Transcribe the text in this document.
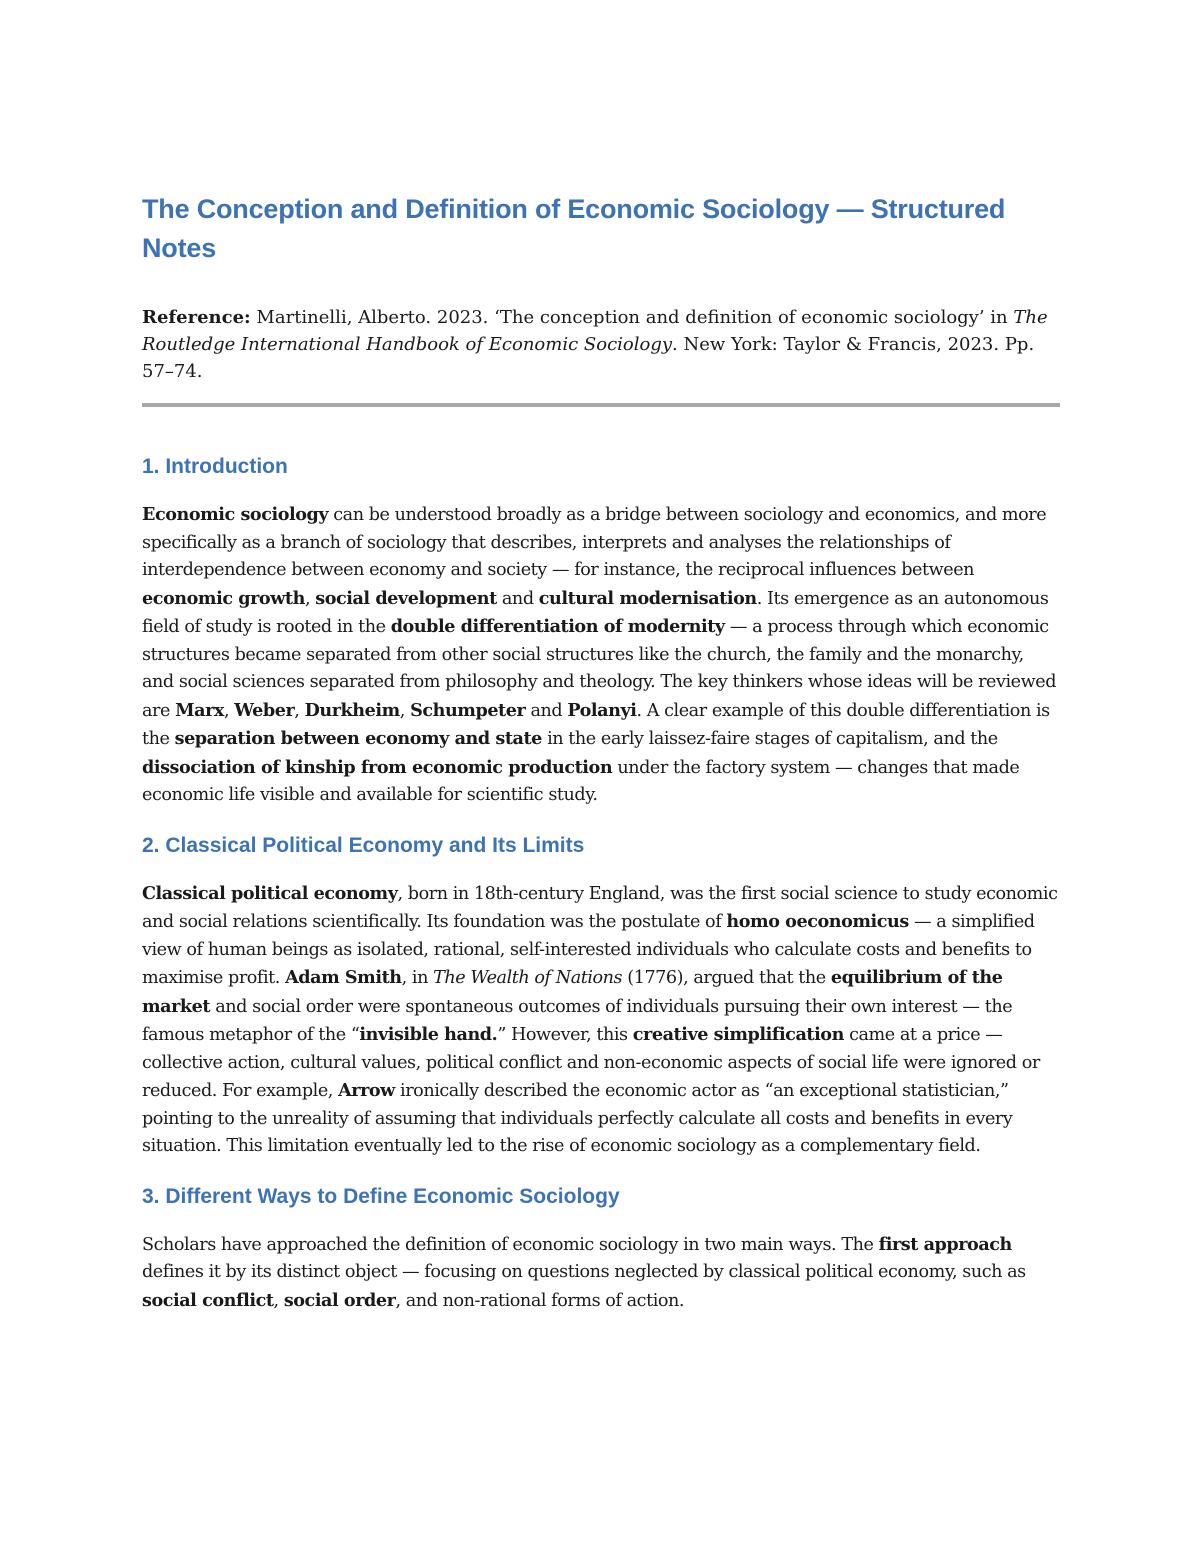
The Conception and Definition of Economic Sociology — Structured Notes

Reference: Martinelli, Alberto. 2023. ‘The conception and definition of economic sociology’ in The Routledge International Handbook of Economic Sociology. New York: Taylor & Francis, 2023. Pp. 57–74.

1. Introduction

Economic sociology can be understood broadly as a bridge between sociology and economics, and more specifically as a branch of sociology that describes, interprets and analyses the relationships of interdependence between economy and society — for instance, the reciprocal influences between economic growth, social development and cultural modernisation. Its emergence as an autonomous field of study is rooted in the double differentiation of modernity — a process through which economic structures became separated from other social structures like the church, the family and the monarchy, and social sciences separated from philosophy and theology. The key thinkers whose ideas will be reviewed are Marx, Weber, Durkheim, Schumpeter and Polanyi. A clear example of this double differentiation is the separation between economy and state in the early laissez-faire stages of capitalism, and the dissociation of kinship from economic production under the factory system — changes that made economic life visible and available for scientific study.

2. Classical Political Economy and Its Limits

Classical political economy, born in 18th-century England, was the first social science to study economic and social relations scientifically. Its foundation was the postulate of homo oeconomicus — a simplified view of human beings as isolated, rational, self-interested individuals who calculate costs and benefits to maximise profit. Adam Smith, in The Wealth of Nations (1776), argued that the equilibrium of the market and social order were spontaneous outcomes of individuals pursuing their own interest — the famous metaphor of the “invisible hand.” However, this creative simplification came at a price — collective action, cultural values, political conflict and non-economic aspects of social life were ignored or reduced. For example, Arrow ironically described the economic actor as “an exceptional statistician,” pointing to the unreality of assuming that individuals perfectly calculate all costs and benefits in every situation. This limitation eventually led to the rise of economic sociology as a complementary field.

3. Different Ways to Define Economic Sociology

Scholars have approached the definition of economic sociology in two main ways. The first approach defines it by its distinct object — focusing on questions neglected by classical political economy, such as social conflict, social order, and non-rational forms of action.
